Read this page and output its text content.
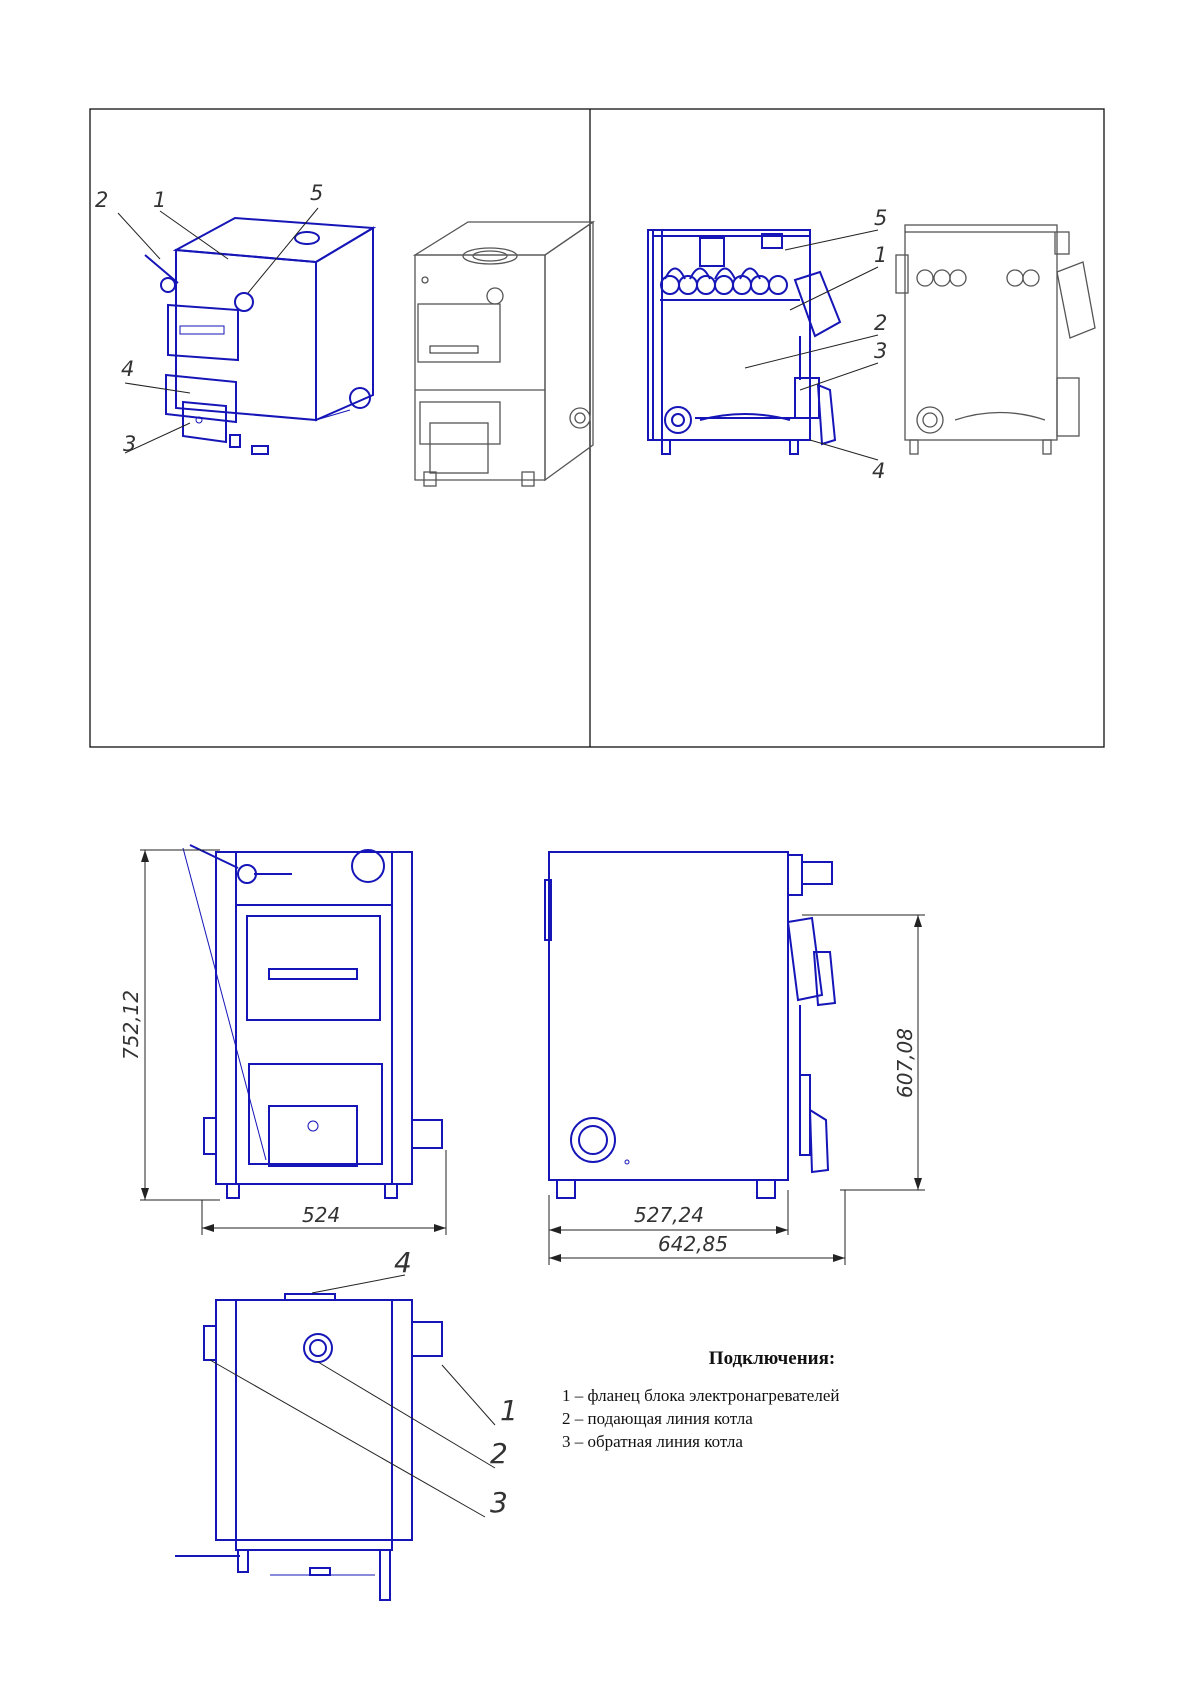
2 1	5
4
3
5
1
2
3
4
752,12
524
607,08
527,24
642,85
4
1
2
3
Подключения:
1 – фланец блока электронагревателей
2 – подающая линия котла
3 – обратная линия котла
